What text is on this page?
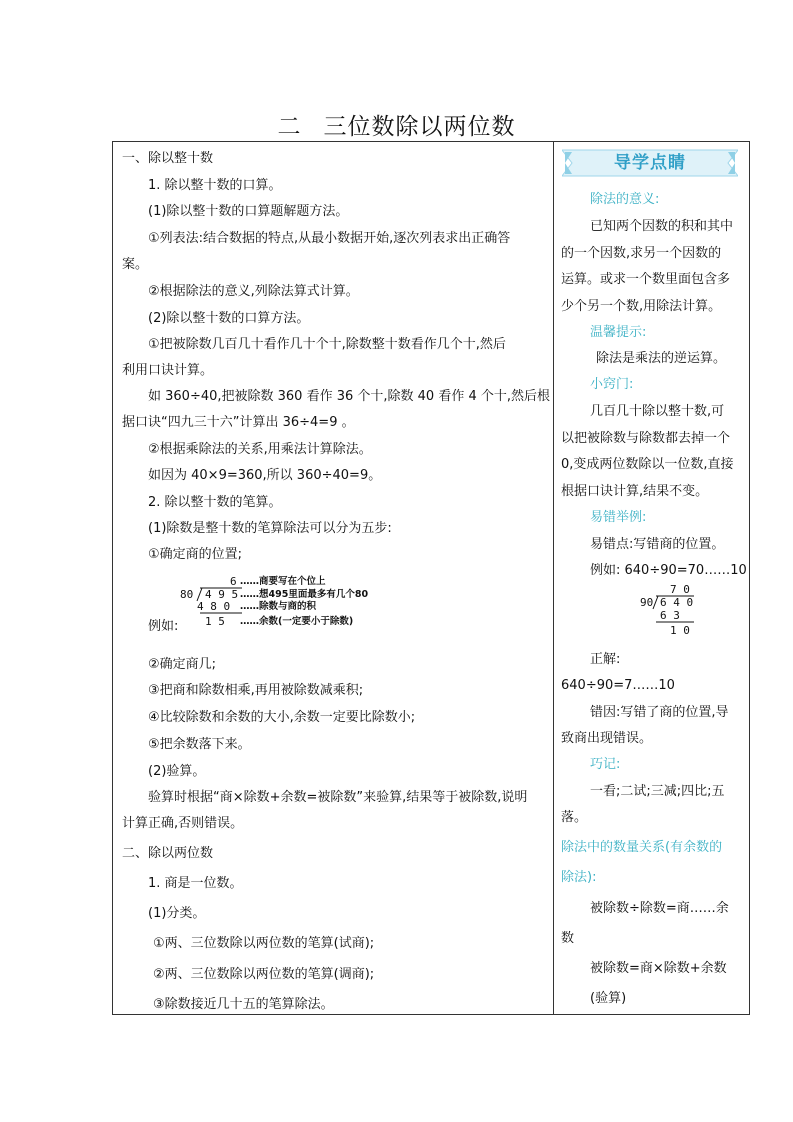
二 三位数除以两位数
一、除以整十数
1. 除以整十数的口算。
(1)除以整十数的口算题解题方法。
①列表法:结合数据的特点,从最小数据开始,逐次列表求出正确答
案。
②根据除法的意义,列除法算式计算。
(2)除以整十数的口算方法。
①把被除数几百几十看作几十个十,除数整十数看作几个十,然后
利用口诀计算。
如 360÷40,把被除数 360 看作 36 个十,除数 40 看作 4 个十,然后根
据口诀“四九三十六”计算出 36÷4=9 。
②根据乘除法的关系,用乘法计算除法。
如因为 40×9=360,所以 360÷40=9。
2. 除以整十数的笔算。
(1)除数是整十数的笔算除法可以分为五步:
①确定商的位置;
例如:
6 ……商要写在个位上
80 4 9 5 ……想495里面最多有几个80
4 8 0 ……除数与商的积
1 5 ……余数(一定要小于除数)
②确定商几;
③把商和除数相乘,再用被除数减乘积;
④比较除数和余数的大小,余数一定要比除数小;
⑤把余数落下来。
(2)验算。
验算时根据“商×除数+余数=被除数”来验算,结果等于被除数,说明
计算正确,否则错误。
二、除以两位数
1. 商是一位数。
(1)分类。
①两、三位数除以两位数的笔算(试商);
②两、三位数除以两位数的笔算(调商);
③除数接近几十五的笔算除法。
导学点睛
除法的意义:
已知两个因数的积和其中
的一个因数,求另一个因数的
运算。或求一个数里面包含多
少个另一个数,用除法计算。
温馨提示:
除法是乘法的逆运算。
小窍门:
几百几十除以整十数,可
以把被除数与除数都去掉一个
0,变成两位数除以一位数,直接
根据口诀计算,结果不变。
易错举例:
易错点:写错商的位置。
例如: 640÷90=70……10
7 0
90 6 4 0
6 3
1 0
正解:
640÷90=7……10
错因:写错了商的位置,导
致商出现错误。
巧记:
一看;二试;三减;四比;五
落。
除法中的数量关系(有余数的
除法):
被除数÷除数=商……余
数
被除数=商×除数+余数
(验算)
